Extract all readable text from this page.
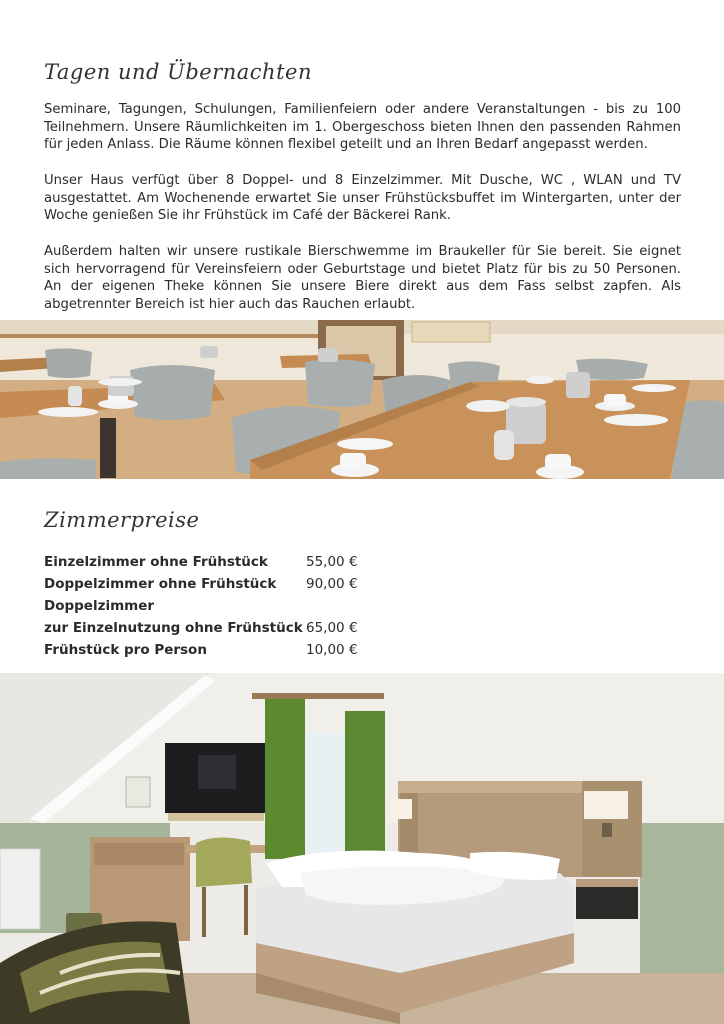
Tagen und Übernachten

Seminare, Tagungen, Schulungen, Familienfeiern oder andere Veranstaltungen - bis zu 100 Teilnehmern. Unsere Räumlichkeiten im 1. Obergeschoss bieten Ihnen den passenden Rahmen für jeden Anlass. Die Räume können flexibel geteilt und an Ihren Bedarf angepasst werden.

Unser Haus verfügt über 8 Doppel- und 8 Einzelzimmer. Mit Dusche, WC , WLAN und TV ausgestattet. Am Wochenende erwartet Sie unser Frühstücksbuffet im Wintergarten, unter der Woche genießen Sie ihr Frühstück im Café der Bäckerei Rank.

Außerdem halten wir unsere rustikale Bierschwemme im Braukeller für Sie bereit. Sie eignet sich hervorragend für Vereinsfeiern oder Geburtstage und bietet Platz für bis zu 50 Personen. An der eigenen Theke können Sie unsere Biere direkt aus dem Fass selbst zapfen. Als abgetrennter Bereich ist hier auch das Rauchen erlaubt.

Zimmerpreise
Einzelzimmer ohne Frühstück	55,00 €
Doppelzimmer ohne Frühstück 90,00 €
Doppelzimmer
zur Einzelnutzung ohne Frühstück 65,00 €
Frühstück pro Person	10,00 €
